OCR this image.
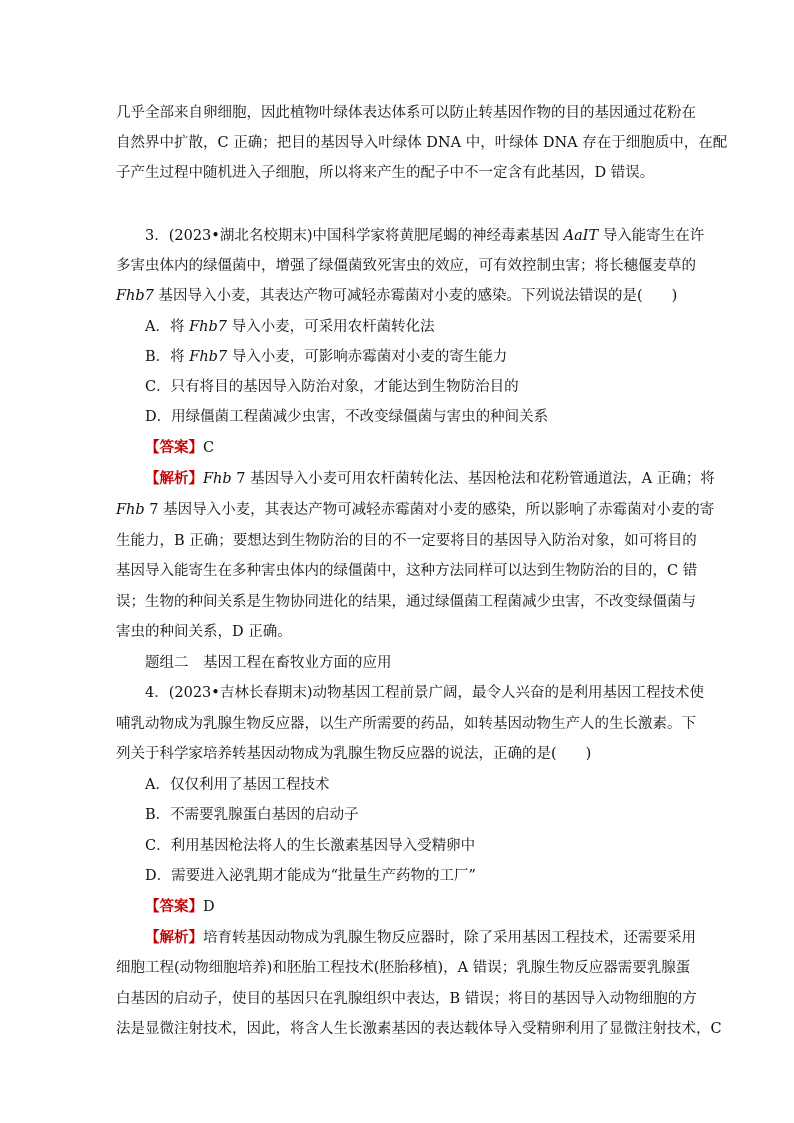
几乎全部来自卵细胞，因此植物叶绿体表达体系可以防止转基因作物的目的基因通过花粉在
自然界中扩散，C 正确；把目的基因导入叶绿体 DNA 中，叶绿体 DNA 存在于细胞质中，在配
子产生过程中随机进入子细胞，所以将来产生的配子中不一定含有此基因，D 错误。
3．(2023•湖北名校期末)中国科学家将黄肥尾蝎的神经毒素基因 AaIT 导入能寄生在许
多害虫体内的绿僵菌中，增强了绿僵菌致死害虫的效应，可有效控制虫害；将长穗偃麦草的
Fhb7 基因导入小麦，其表达产物可减轻赤霉菌对小麦的感染。下列说法错误的是(　　)
A．将 Fhb7 导入小麦，可采用农杆菌转化法
B．将 Fhb7 导入小麦，可影响赤霉菌对小麦的寄生能力
C．只有将目的基因导入防治对象，才能达到生物防治目的
D．用绿僵菌工程菌减少虫害，不改变绿僵菌与害虫的种间关系
【答案】C
【解析】Fhb 7 基因导入小麦可用农杆菌转化法、基因枪法和花粉管通道法，A 正确；将
Fhb 7 基因导入小麦，其表达产物可减轻赤霉菌对小麦的感染，所以影响了赤霉菌对小麦的寄
生能力，B 正确；要想达到生物防治的目的不一定要将目的基因导入防治对象，如可将目的
基因导入能寄生在多种害虫体内的绿僵菌中，这种方法同样可以达到生物防治的目的，C 错
误；生物的种间关系是生物协同进化的结果，通过绿僵菌工程菌减少虫害，不改变绿僵菌与
害虫的种间关系，D 正确。
题组二　基因工程在畜牧业方面的应用
4．(2023•吉林长春期末)动物基因工程前景广阔，最令人兴奋的是利用基因工程技术使
哺乳动物成为乳腺生物反应器，以生产所需要的药品，如转基因动物生产人的生长激素。下
列关于科学家培养转基因动物成为乳腺生物反应器的说法，正确的是(　　)
A．仅仅利用了基因工程技术
B．不需要乳腺蛋白基因的启动子
C．利用基因枪法将人的生长激素基因导入受精卵中
D．需要进入泌乳期才能成为“批量生产药物的工厂”
【答案】D
【解析】培育转基因动物成为乳腺生物反应器时，除了采用基因工程技术，还需要采用
细胞工程(动物细胞培养)和胚胎工程技术(胚胎移植)，A 错误；乳腺生物反应器需要乳腺蛋
白基因的启动子，使目的基因只在乳腺组织中表达，B 错误；将目的基因导入动物细胞的方
法是显微注射技术，因此，将含人生长激素基因的表达载体导入受精卵利用了显微注射技术，C
